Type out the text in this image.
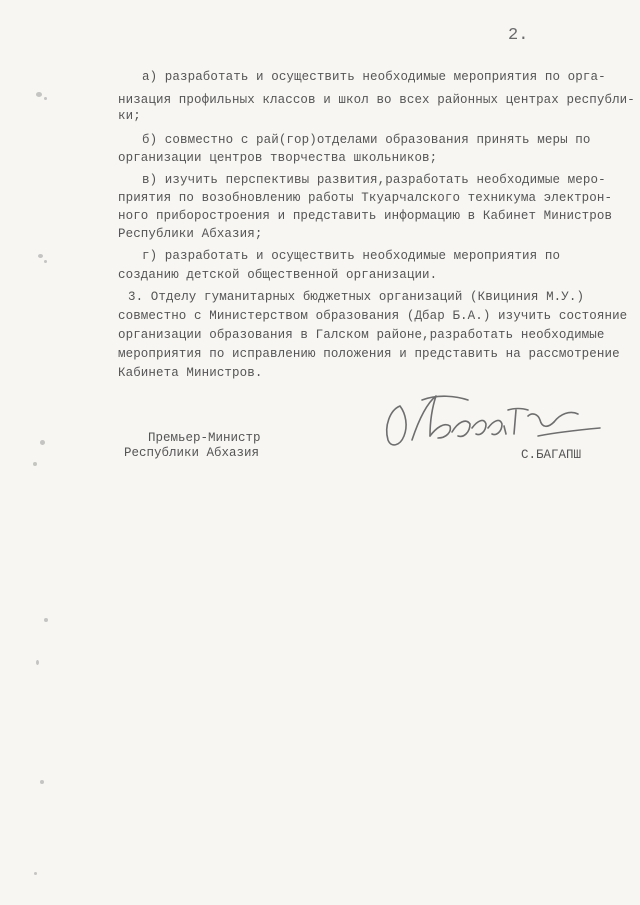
2.
а) разработать и осуществить необходимые мероприятия по орга-
низация профильных классов и школ во всех районных центрах республи-
ки;
б) совместно с рай(гор)отделами образования принять меры по
организации центров творчества школьников;
в) изучить перспективы развития,разработать необходимые меро-
приятия по возобновлению работы Ткуарчалского техникума электрон-
ного приборостроения и представить информацию в Кабинет Министров
Республики Абхазия;
г) разработать и осуществить необходимые мероприятия по
созданию детской общественной организации.
3. Отделу гуманитарных бюджетных организаций (Квициния М.У.)
совместно с Министерством образования (Дбар Б.А.) изучить состояние
организации образования в Галском районе,разработать необходимые
мероприятия по исправлению положения и представить на рассмотрение
Кабинета Министров.
Премьер-Министр
Республики Абхазия	С.БАГАПШ
